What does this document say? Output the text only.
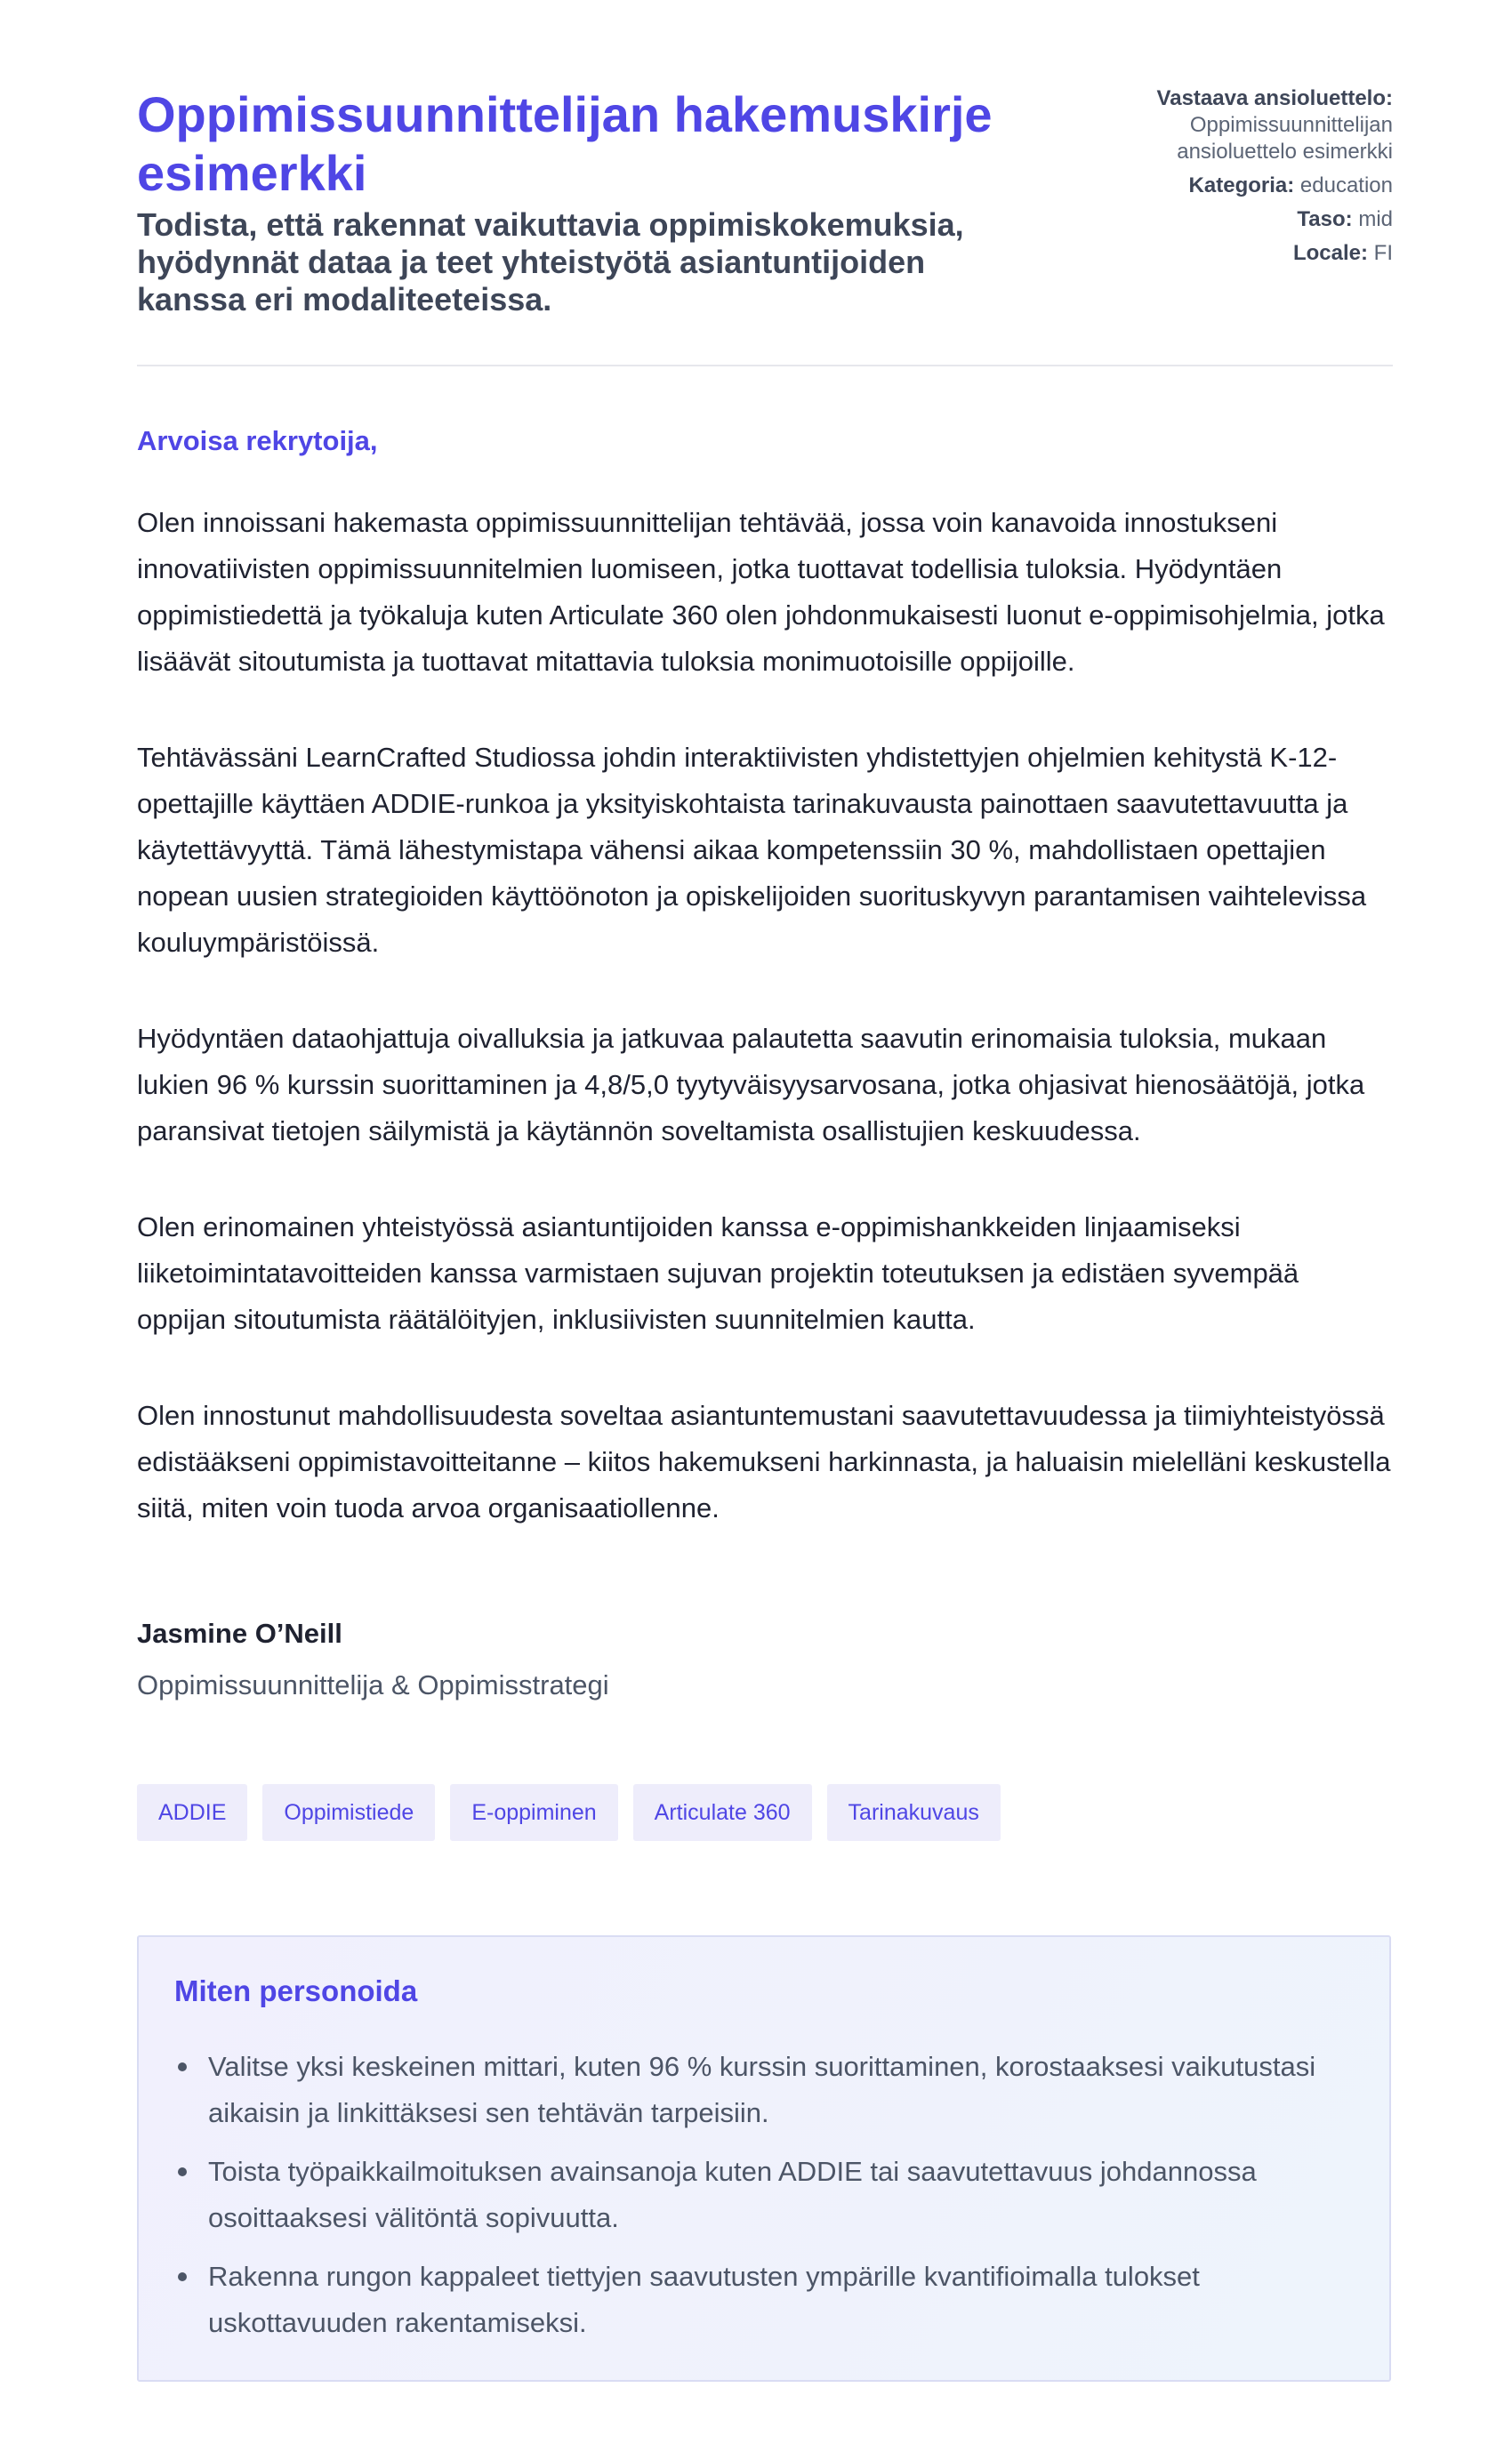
Oppimissuunnittelijan hakemuskirje esimerkki

Todista, että rakennat vaikuttavia oppimiskokemuksia, hyödynnät dataa ja teet yhteistyötä asiantuntijoiden kanssa eri modaliteeteissa.

Vastaava ansioluettelo:
Oppimissuunnittelijan ansioluettelo esimerkki
Kategoria: education
Taso: mid
Locale: FI

Arvoisa rekrytoija,

Olen innoissani hakemasta oppimissuunnittelijan tehtävää, jossa voin kanavoida innostukseni innovatiivisten oppimissuunnitelmien luomiseen, jotka tuottavat todellisia tuloksia. Hyödyntäen oppimistiedettä ja työkaluja kuten Articulate 360 olen johdonmukaisesti luonut e-oppimisohjelmia, jotka lisäävät sitoutumista ja tuottavat mitattavia tuloksia monimuotoisille oppijoille.

Tehtävässäni LearnCrafted Studiossa johdin interaktiivisten yhdistettyjen ohjelmien kehitystä K-12-opettajille käyttäen ADDIE-runkoa ja yksityiskohtaista tarinakuvausta painottaen saavutettavuutta ja käytettävyyttä. Tämä lähestymistapa vähensi aikaa kompetenssiin 30 %, mahdollistaen opettajien nopean uusien strategioiden käyttöönoton ja opiskelijoiden suorituskyvyn parantamisen vaihtelevissa kouluympäristöissä.

Hyödyntäen dataohjattuja oivalluksia ja jatkuvaa palautetta saavutin erinomaisia tuloksia, mukaan lukien 96 % kurssin suorittaminen ja 4,8/5,0 tyytyväisyysarvosana, jotka ohjasivat hienosäätöjä, jotka paransivat tietojen säilymistä ja käytännön soveltamista osallistujien keskuudessa.

Olen erinomainen yhteistyössä asiantuntijoiden kanssa e-oppimishankkeiden linjaamiseksi liiketoimintatavoitteiden kanssa varmistaen sujuvan projektin toteutuksen ja edistäen syvempää oppijan sitoutumista räätälöityjen, inklusiivisten suunnitelmien kautta.

Olen innostunut mahdollisuudesta soveltaa asiantuntemustani saavutettavuudessa ja tiimiyhteistyössä edistääkseni oppimistavoitteitanne – kiitos hakemukseni harkinnasta, ja haluaisin mielelläni keskustella siitä, miten voin tuoda arvoa organisaatiollenne.

Jasmine O’Neill
Oppimissuunnittelija & Oppimisstrategi
ADDIE	Oppimistiede	E-oppiminen	Articulate 360	Tarinakuvaus
Miten personoida
Valitse yksi keskeinen mittari, kuten 96 % kurssin suorittaminen, korostaaksesi vaikutustasi aikaisin ja linkittäksesi sen tehtävän tarpeisiin.
Toista työpaikkailmoituksen avainsanoja kuten ADDIE tai saavutettavuus johdannossa osoittaaksesi välitöntä sopivuutta.
Rakenna rungon kappaleet tiettyjen saavutusten ympärille kvantifioimalla tulokset uskottavuuden rakentamiseksi.
